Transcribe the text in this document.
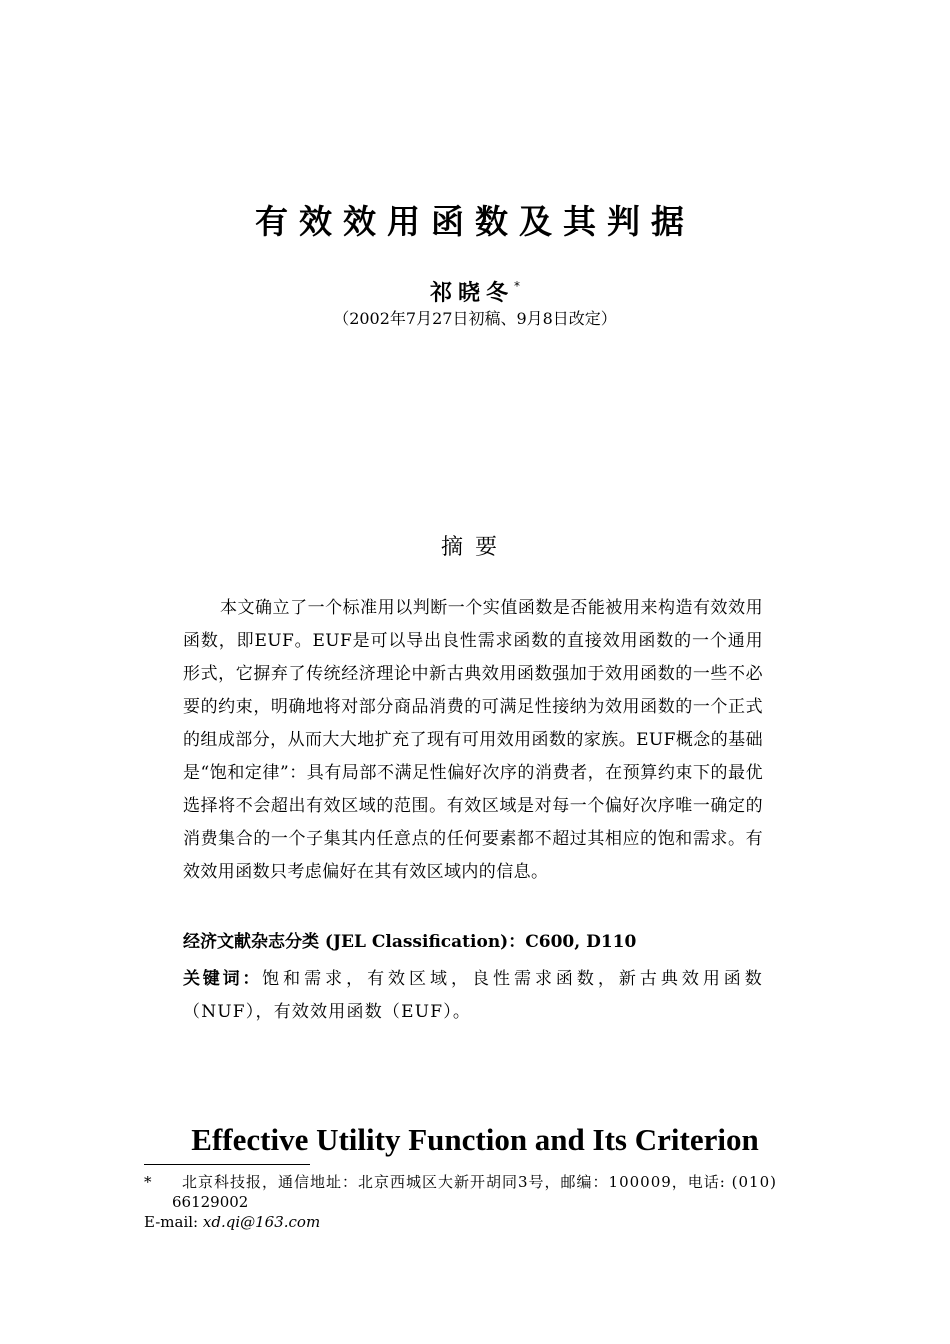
有效效用函数及其判据
祁晓冬*
（2002年7月27日初稿、9月8日改定）
摘要
本文确立了一个标准用以判断一个实值函数是否能被用来构造有效效用函数，即EUF。EUF是可以导出良性需求函数的直接效用函数的一个通用形式，它摒弃了传统经济理论中新古典效用函数强加于效用函数的一些不必要的约束，明确地将对部分商品消费的可满足性接纳为效用函数的一个正式的组成部分，从而大大地扩充了现有可用效用函数的家族。EUF概念的基础是“饱和定律”：具有局部不满足性偏好次序的消费者，在预算约束下的最优选择将不会超出有效区域的范围。有效区域是对每一个偏好次序唯一确定的消费集合的一个子集其内任意点的任何要素都不超过其相应的饱和需求。有效效用函数只考虑偏好在其有效区域内的信息。
经济文献杂志分类 (JEL Classification)：C600, D110
关键词：饱和需求，有效区域，良性需求函数，新古典效用函数（NUF），有效效用函数（EUF）。
Effective Utility Function and Its Criterion
*	北京科技报，通信地址：北京西城区大新开胡同3号，邮编：100009，电话: (010)
66129002
E-mail: xd.qi@163.com
